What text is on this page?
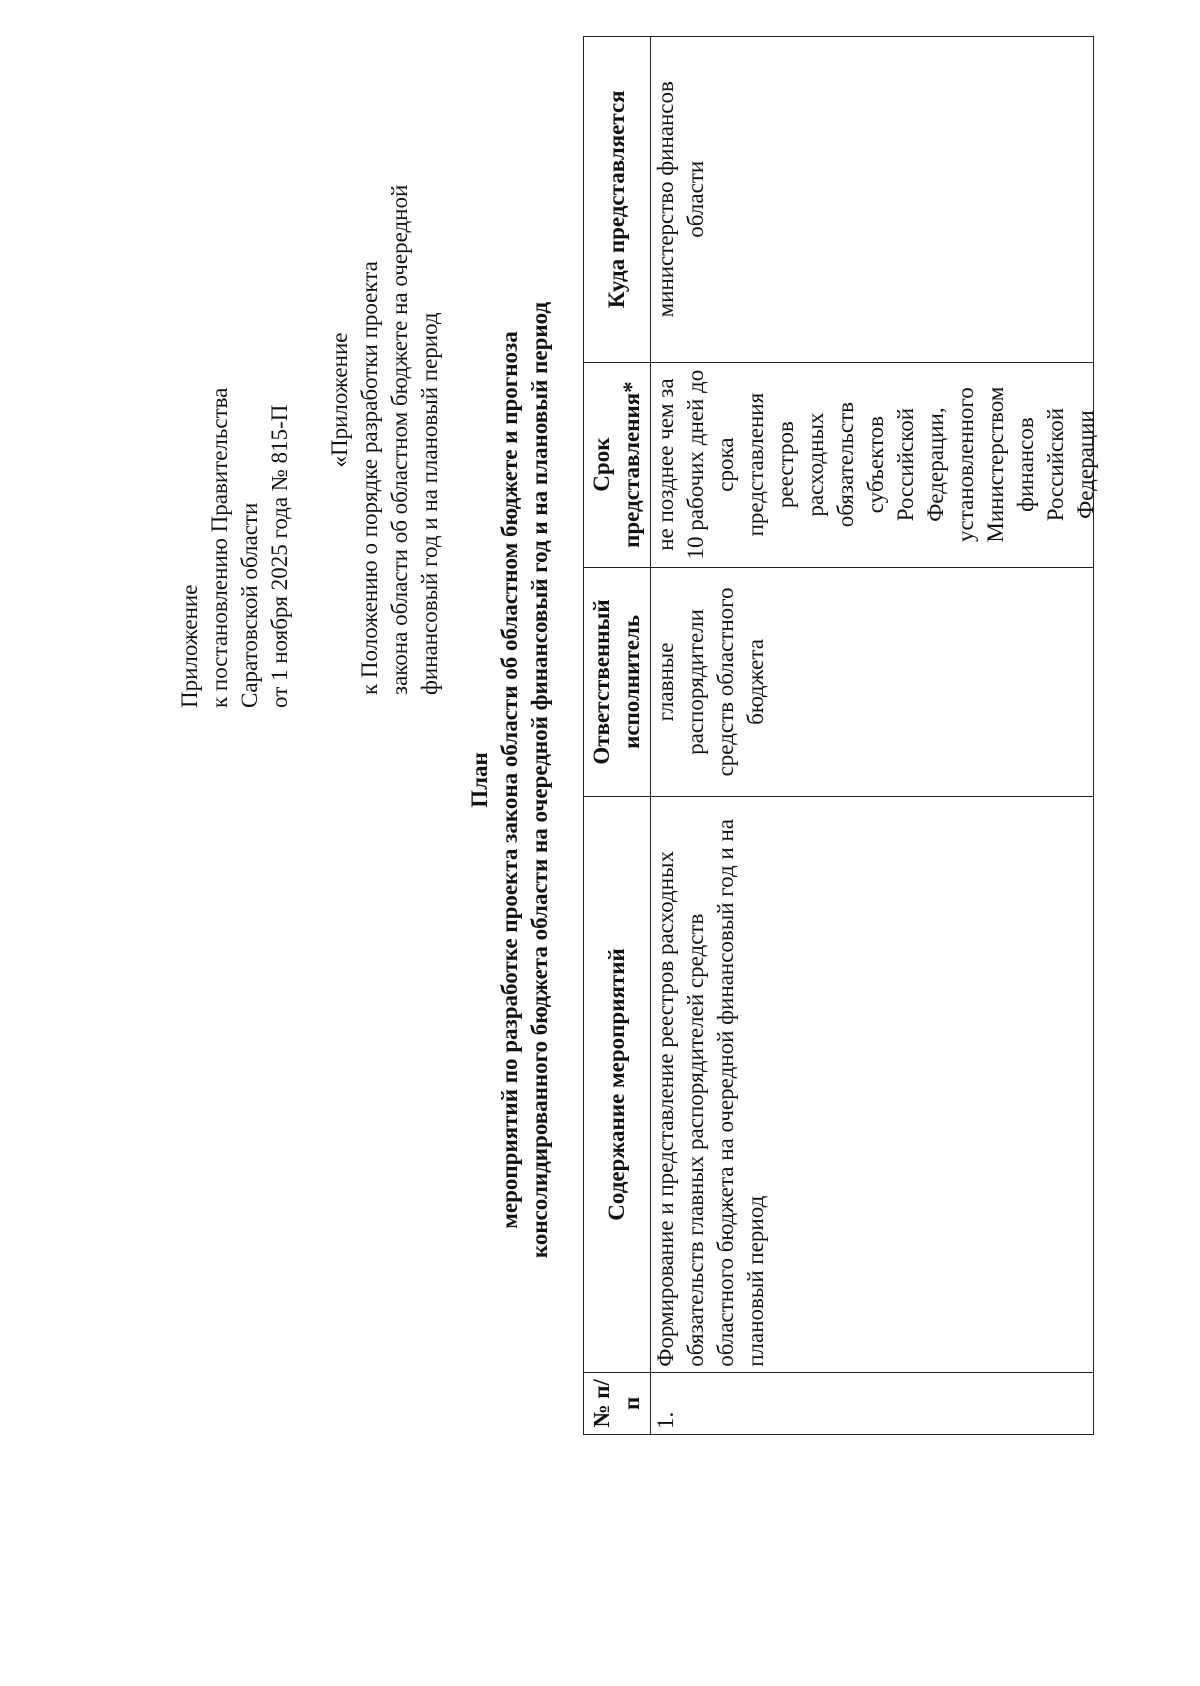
Приложение к постановлению Правительства Саратовской области от 1 ноября 2025 года № 815-П
«Приложение к Положению о порядке разработки проекта закона области об областном бюджете на очередной финансовый год и на плановый период
План мероприятий по разработке проекта закона области об областном бюджете и прогноза консолидированного бюджета области на очередной финансовый год и на плановый период
№ п/п	Содержание мероприятий	Ответственный исполнитель	Срок представления*	Куда представляется
1.	Формирование и представление реестров расходных обязательств главных распорядителей средств областного бюджета на очередной финансовый год и на плановый период	главные распорядители средств областного бюджета	не позднее чем за 10 рабочих дней до срока представления реестров расходных обязательств субъектов Российской Федерации, установленного Министерством финансов Российской Федерации	министерство финансов области
